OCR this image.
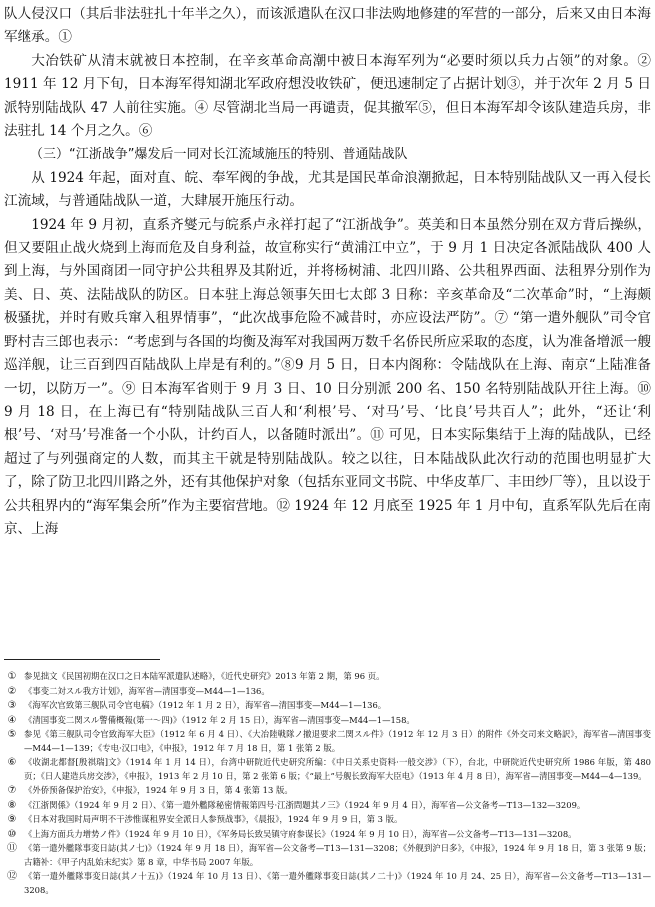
队人侵汉口（其后非法驻扎十年半之久），而该派遣队在汉口非法购地修建的军营的一部分，后来又由日本海军继承。①

大冶铁矿从清末就被日本控制，在辛亥革命高潮中被日本海军列为“必要时须以兵力占领”的对象。② 1911 年 12 月下旬，日本海军得知湖北军政府想没收铁矿，便迅速制定了占据计划③，并于次年 2 月 5 日派特别陆战队 47 人前往实施。④ 尽管湖北当局一再谴责，促其撤军⑤，但日本海军却令该队建造兵房，非法驻扎 14 个月之久。⑥

（三）“江浙战争”爆发后一同对长江流域施压的特别、普通陆战队

从 1924 年起，面对直、皖、奉军阀的争战，尤其是国民革命浪潮掀起，日本特别陆战队又一再入侵长江流域，与普通陆战队一道，大肆展开施压行动。

1924 年 9 月初，直系齐燮元与皖系卢永祥打起了“江浙战争”。英美和日本虽然分别在双方背后操纵，但又要阻止战火烧到上海而危及自身利益，故宣称实行“黄浦江中立”，于 9 月 1 日决定各派陆战队 400 人到上海，与外国商团一同守护公共租界及其附近，并将杨树浦、北四川路、公共租界西面、法租界分别作为美、日、英、法陆战队的防区。日本驻上海总领事矢田七太郎 3 日称：辛亥革命及“二次革命”时，“上海颇极骚扰，并时有败兵窜入租界情事”，“此次战事危险不减昔时，亦应设法严防”。⑦ “第一遣外舰队”司令官野村吉三郎也表示：“考虑到与各国的均衡及海军对我国两万数千名侨民所应采取的态度，认为准备增派一艘巡洋舰，让三百到四百陆战队上岸是有利的。”⑧9 月 5 日，日本内阁称：令陆战队在上海、南京“上陆准备一切，以防万一”。⑨ 日本海军省则于 9 月 3 日、10 日分别派 200 名、150 名特别陆战队开往上海。⑩ 9 月 18 日，在上海已有“特别陆战队三百人和‘利根’号、‘对马’号、‘比良’号共百人”；此外，“还让‘利根’号、‘对马’号准备一个小队，计约百人，以备随时派出”。⑪ 可见，日本实际集结于上海的陆战队，已经超过了与列强商定的人数，而其主干就是特别陆战队。较之以往，日本陆战队此次行动的范围也明显扩大了，除了防卫北四川路之外，还有其他保护对象（包括东亚同文书院、中华皮革厂、丰田纱厂等），且以设于公共租界内的“海军集会所”作为主要宿营地。⑫ 1924 年 12 月底至 1925 年 1 月中旬，直系军队先后在南京、上海

① 参见拙文《民国初期在汉口之日本陆军派遣队述略》，《近代史研究》2013 年第 2 期，第 96 页。
② 《事变二対スル我方计划》，海军省—清国事变—M44—1—136。
③ 《海军次官致第三舰队司令官电稿》（1912 年 1 月 2 日），海军省—清国事变—M44—1—136。
④ 《清国事変二関スル警備概報(第一～四)》（1912 年 2 月 15 日），海军省—清国事变—M44—1—158。
⑤ 参见《第三舰队司令官致海军大臣》（1912 年 6 月 4 日）、《大冶陸戦隊ノ撤退要求二関スル件》（1912 年 12 月 3 日）的附件《外交司来文略訳》，海军省—清国事变—M44—1—139；《专电·汉口电》，《申报》，1912 年 7 月 18 日，第 1 张第 2 版。
⑥ 《收湖北都督[殷祺瑞]文》（1914 年 1 月 14 日），台湾中研院近代史研究所编：《中日关系史资料·一般交涉》（下），台北，中研院近代史研究所 1986 年版，第 480 页；《日人建造兵房交涉》，《申报》，1913 年 2 月 10 日，第 2 张第 6 版；《“最上”号舰长致海军大臣电》（1913 年 4 月 8 日），海军省—清国事变—M44—4—139。
⑦ 《外侨预备保护治安》，《申报》，1924 年 9 月 3 日，第 4 张第 13 版。
⑧ 《江浙関係》（1924 年 9 月 2 日）、《第一遣外艦隊秘密情報第四号·江浙問題其ノ三》（1924 年 9 月 4 日），海军省—公文备考—T13—132—3209。
⑨ 《日本对我国时局声明不干涉惟谋租界安全派日人参预战事》，《晨报》，1924 年 9 月 9 日，第 3 版。
⑩ 《上海方面兵力增势ノ件》（1924 年 9 月 10 日），《军务局长致吴镇守府参谋长》（1924 年 9 月 10 日），海军省—公文备考—T13—131—3208。
⑪ 《第一遣外艦隊事変日誌(其ノ七)》（1924 年 9 月 18 日），海军省—公文备考—T13—131—3208；《外舰到沪日多》，《申报》，1924 年 9 月 18 日，第 3 张第 9 版；古籍补：《甲子内乱始末纪实》第 8 章，中华书局 2007 年版。
⑫ 《第一遣外艦隊事変日誌(其ノ十五)》（1924 年 10 月 13 日）、《第一遣外艦隊事変日誌(其ノ二十)》（1924 年 10 月 24、25 日），海军省—公文备考—T13—131—3208。
